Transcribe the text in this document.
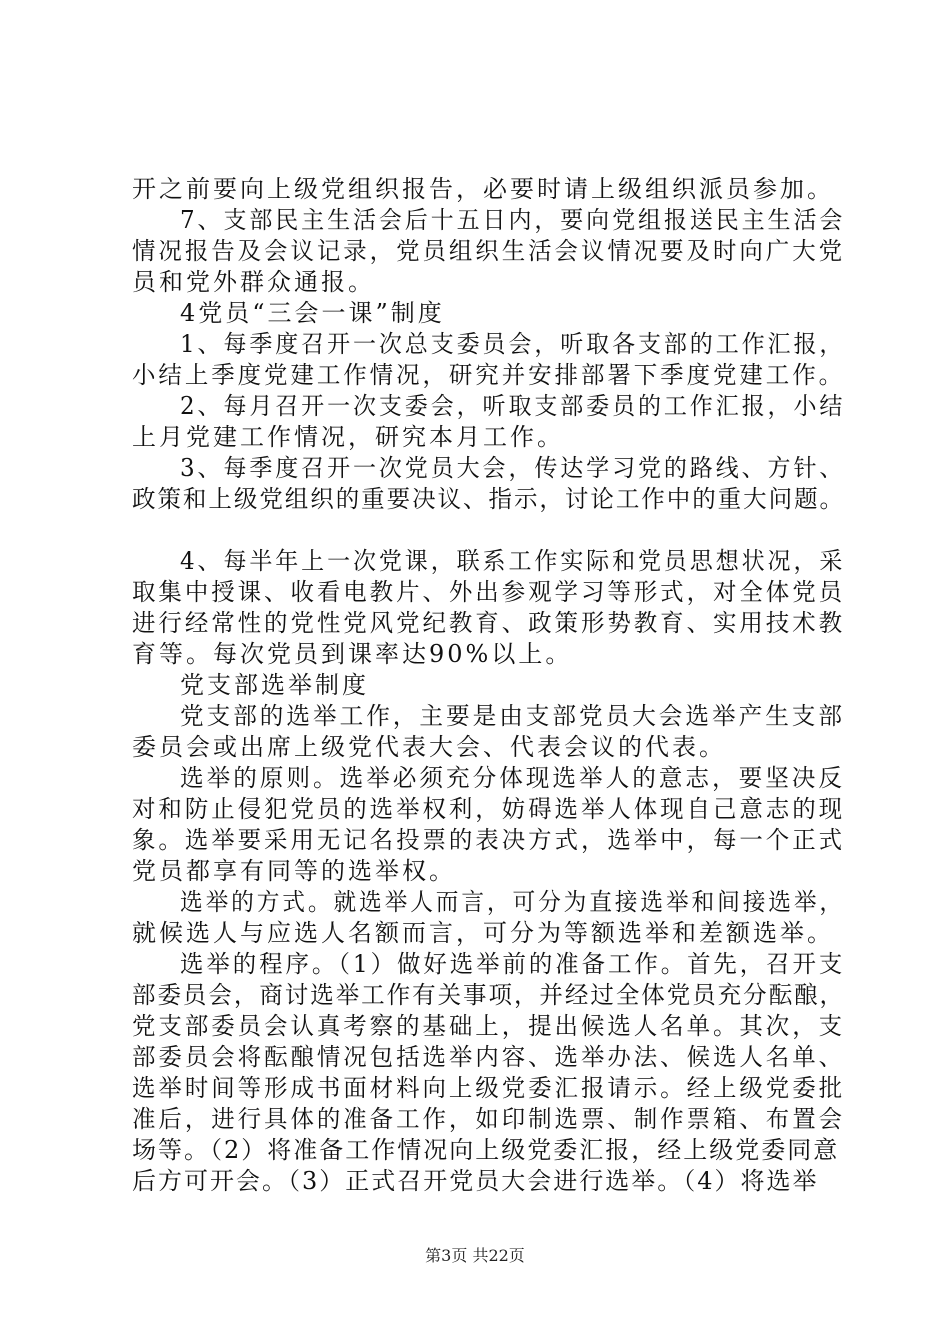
开之前要向上级党组织报告，必要时请上级组织派员参加。
7、支部民主生活会后十五日内，要向党组报送民主生活会
情况报告及会议记录，党员组织生活会议情况要及时向广大党
员和党外群众通报。
4党员“三会一课”制度
1、每季度召开一次总支委员会，听取各支部的工作汇报，
小结上季度党建工作情况，研究并安排部署下季度党建工作。
2、每月召开一次支委会，听取支部委员的工作汇报，小结
上月党建工作情况，研究本月工作。
3、每季度召开一次党员大会，传达学习党的路线、方针、
政策和上级党组织的重要决议、指示，讨论工作中的重大问题。
4、每半年上一次党课，联系工作实际和党员思想状况，采
取集中授课、收看电教片、外出参观学习等形式，对全体党员
进行经常性的党性党风党纪教育、政策形势教育、实用技术教
育等。每次党员到课率达90%以上。
党支部选举制度
党支部的选举工作，主要是由支部党员大会选举产生支部
委员会或出席上级党代表大会、代表会议的代表。
选举的原则。选举必须充分体现选举人的意志，要坚决反
对和防止侵犯党员的选举权利，妨碍选举人体现自己意志的现
象。选举要采用无记名投票的表决方式，选举中，每一个正式
党员都享有同等的选举权。
选举的方式。就选举人而言，可分为直接选举和间接选举，
就候选人与应选人名额而言，可分为等额选举和差额选举。
选举的程序。（1）做好选举前的准备工作。首先，召开支
部委员会，商讨选举工作有关事项，并经过全体党员充分酝酿，
党支部委员会认真考察的基础上，提出候选人名单。其次，支
部委员会将酝酿情况包括选举内容、选举办法、候选人名单、
选举时间等形成书面材料向上级党委汇报请示。经上级党委批
准后，进行具体的准备工作，如印制选票、制作票箱、布置会
场等。（2）将准备工作情况向上级党委汇报，经上级党委同意
后方可开会。（3）正式召开党员大会进行选举。（4）将选举
第3页 共22页
